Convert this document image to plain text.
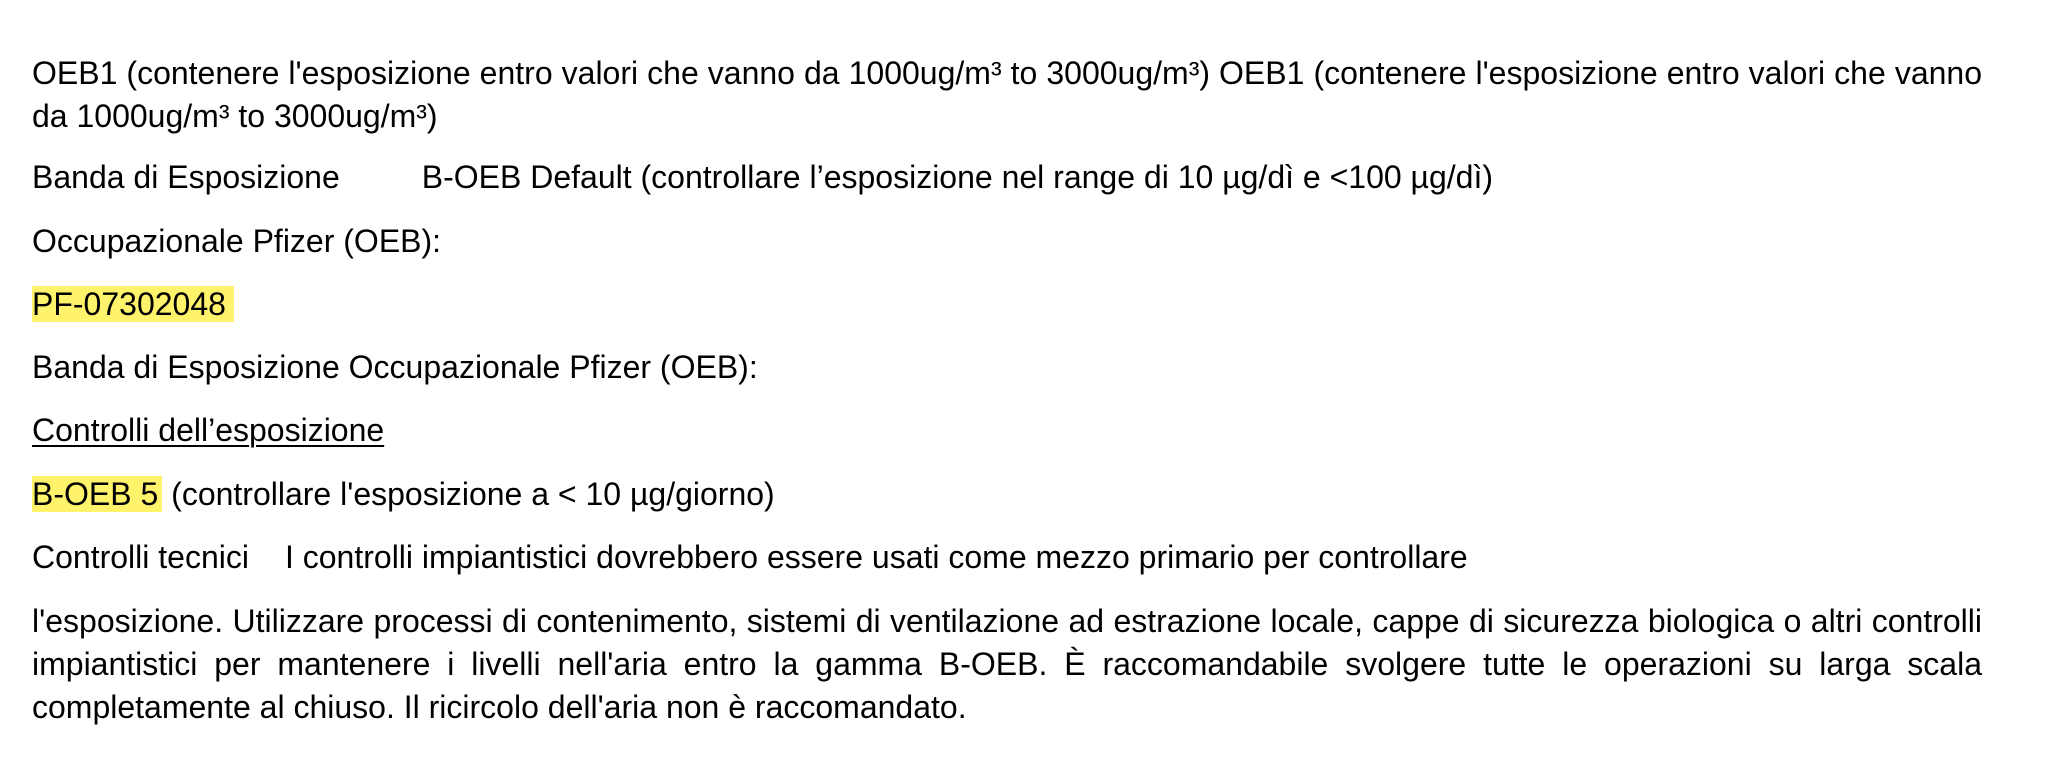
OEB1 (contenere l'esposizione entro valori che vanno da 1000ug/m³ to 3000ug/m³) OEB1 (contenere l'esposizione entro valori che vanno da 1000ug/m³ to 3000ug/m³)
Banda di Esposizione	B-OEB Default (controllare l’esposizione nel range di 10 µg/dì e <100 µg/dì)
Occupazionale Pfizer (OEB):
PF-07302048
Banda di Esposizione Occupazionale Pfizer (OEB):
Controlli dell’esposizione
B-OEB 5 (controllare l'esposizione a < 10 µg/giorno)
Controlli tecnici I controlli impiantistici dovrebbero essere usati come mezzo primario per controllare
l'esposizione. Utilizzare processi di contenimento, sistemi di ventilazione ad estrazione locale, cappe di sicurezza biologica o altri controlli impiantistici per mantenere i livelli nell'aria entro la gamma B-OEB. È raccomandabile svolgere tutte le operazioni su larga scala completamente al chiuso. Il ricircolo dell'aria non è raccomandato.
